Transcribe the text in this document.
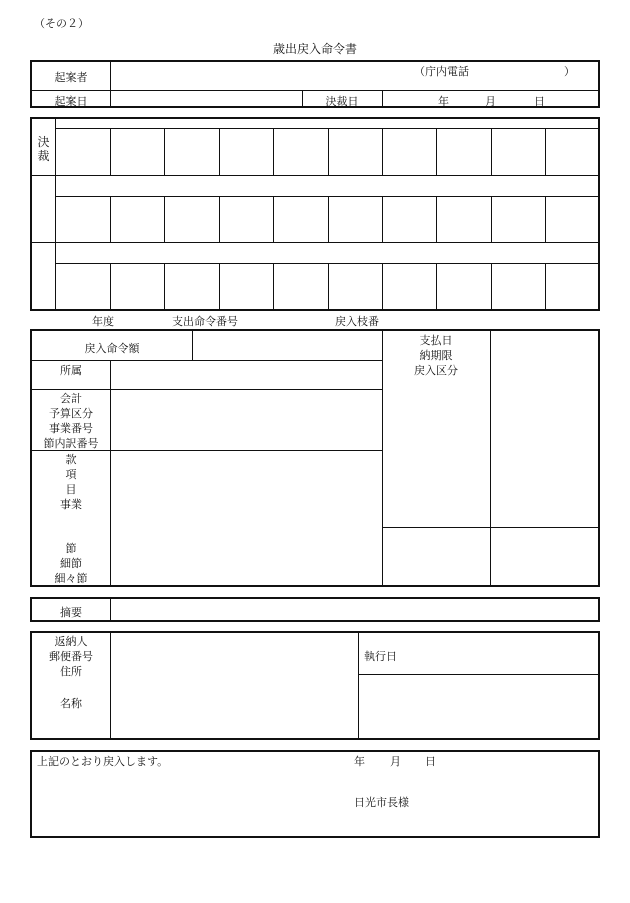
（その２）
歳出戻入命令書
起案者	（庁内電話	）
起案日	決裁日	年	月	日
決
裁
年度	支出命令番号	戻入枝番
戻入命令額
所属
会計
予算区分
事業番号
節内訳番号
款
項
目
事業
節
細節
細々節
支払日
納期限
戻入区分
摘要
返納人
郵便番号
住所
名称
執行日
上記のとおり戻入します。	年 月 日
日光市長様
